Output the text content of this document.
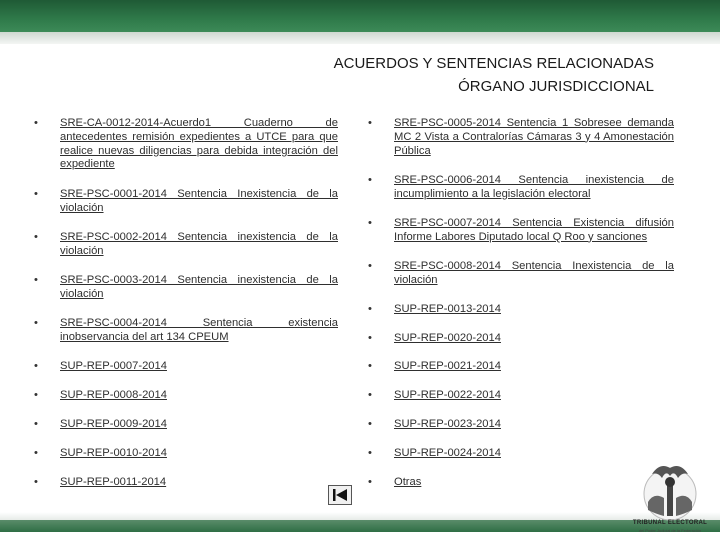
ACUERDOS Y SENTENCIAS RELACIONADAS
ÓRGANO JURISDICCIONAL
• SRE-CA-0012-2014-Acuerdo1 Cuaderno de antecedentes remisión expedientes a UTCE para que realice nuevas diligencias para debida integración del expediente
• SRE-PSC-0001-2014 Sentencia Inexistencia de la violación
• SRE-PSC-0002-2014 Sentencia inexistencia de la violación
• SRE-PSC-0003-2014 Sentencia inexistencia de la violación
• SRE-PSC-0004-2014 Sentencia existencia inobservancia del art 134 CPEUM
• SUP-REP-0007-2014
• SUP-REP-0008-2014
• SUP-REP-0009-2014
• SUP-REP-0010-2014
• SUP-REP-0011-2014
• SRE-PSC-0005-2014 Sentencia 1 Sobresee demanda MC 2 Vista a Contralorías Cámaras 3 y 4 Amonestación Pública
• SRE-PSC-0006-2014 Sentencia inexistencia de incumplimiento a la legislación electoral
• SRE-PSC-0007-2014 Sentencia Existencia difusión Informe Labores Diputado local Q Roo y sanciones
• SRE-PSC-0008-2014 Sentencia Inexistencia de la violación
• SUP-REP-0013-2014
• SUP-REP-0020-2014
• SUP-REP-0021-2014
• SUP-REP-0022-2014
• SUP-REP-0023-2014
• SUP-REP-0024-2014
• Otras
TRIBUNAL ELECTORAL
del Poder Judicial de la Federación
